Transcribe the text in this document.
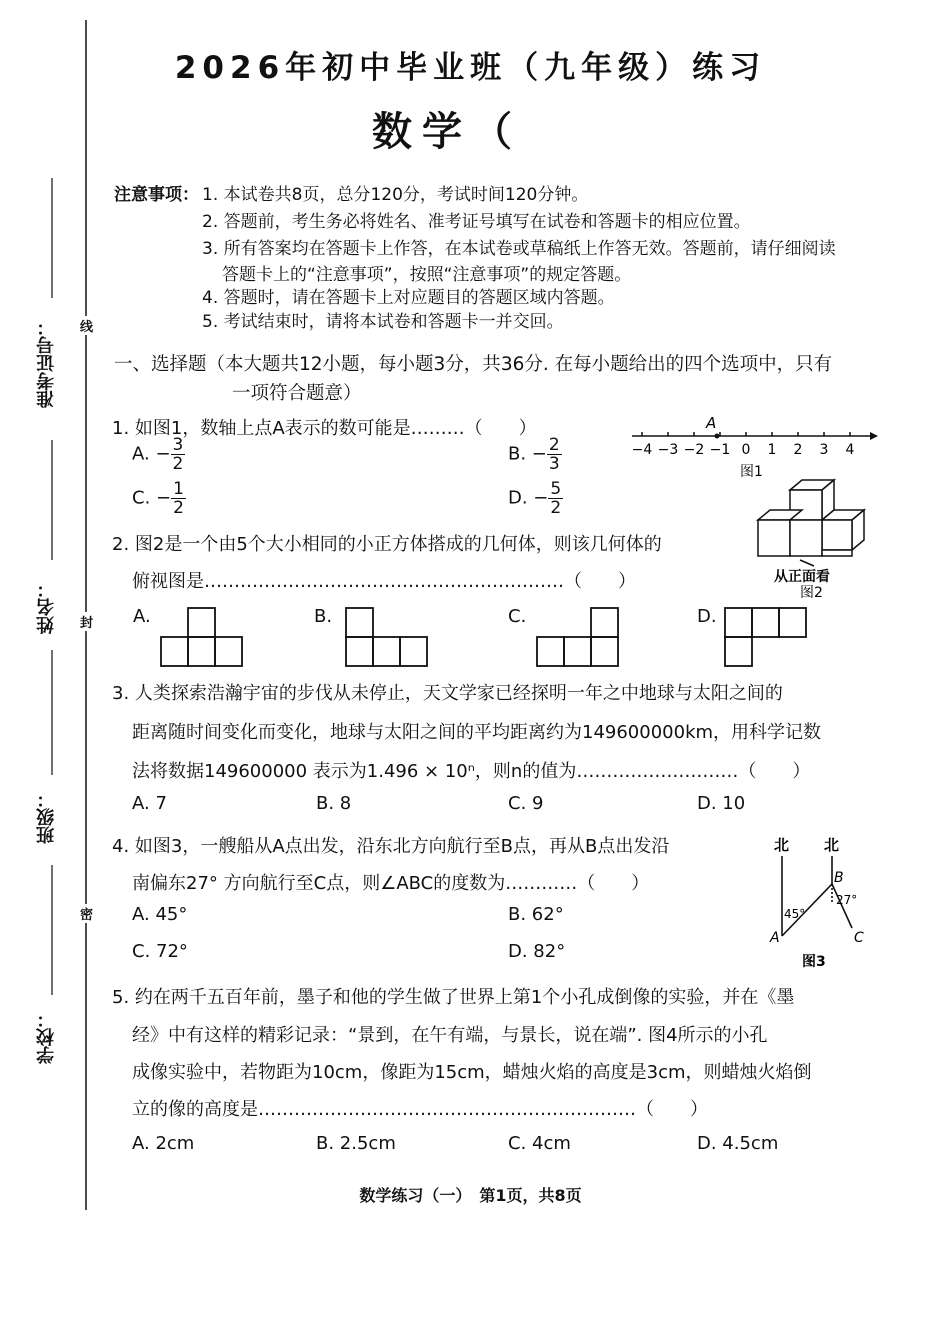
准考证号：
姓名：
班级：
学校：
线
封
密
2026年初中毕业班（九年级）练习
数学（
注意事项： 1. 本试卷共8页，总分120分，考试时间120分钟。
2. 答题前，考生务必将姓名、准考证号填写在试卷和答题卡的相应位置。
3. 所有答案均在答题卡上作答，在本试卷或草稿纸上作答无效。答题前，请仔细阅读
答题卡上的“注意事项”，按照“注意事项”的规定答题。
4. 答题时，请在答题卡上对应题目的答题区域内答题。
5. 考试结束时，请将本试卷和答题卡一并交回。
一、选择题（本大题共12小题，每小题3分，共36分. 在每小题给出的四个选项中，只有
一项符合题意）
1. 如图1，数轴上点A表示的数可能是………（　　）
A. − $\frac{3}{2}$	B. − $\frac{2}{3}$
C. − $\frac{1}{2}$	D. − $\frac{5}{2}$
−4 −3 −2 −1 0 1 2 3 4
A
图1
2. 图2是一个由5个大小相同的小正方体搭成的几何体，则该几何体的
俯视图是……………………………………………………（　　）
A.	B.	C.	D.
从正面看
图2
3. 人类探索浩瀚宇宙的步伐从未停止，天文学家已经探明一年之中地球与太阳之间的
距离随时间变化而变化，地球与太阳之间的平均距离约为149600000km，用科学记数
法将数据149600000 表示为1.496 × 10ⁿ，则n的值为………………………（　　）
A. 7	B. 8	C. 9	D. 10
4. 如图3，一艘船从A点出发，沿东北方向航行至B点，再从B点出发沿
南偏东27° 方向航行至C点，则∠ABC的度数为…………（　　）
A. 45°	B. 62°
C. 72°	D. 82°
北 北
A
B
C
45°
27°
图3
5. 约在两千五百年前，墨子和他的学生做了世界上第1个小孔成倒像的实验，并在《墨
经》中有这样的精彩记录：“景到，在午有端，与景长，说在端”. 图4所示的小孔
成像实验中，若物距为10cm，像距为15cm，蜡烛火焰的高度是3cm，则蜡烛火焰倒
立的像的高度是………………………………………………………（　　）
A. 2cm	B. 2.5cm	C. 4cm	D. 4.5cm
数学练习（一）　第1页，共8页
